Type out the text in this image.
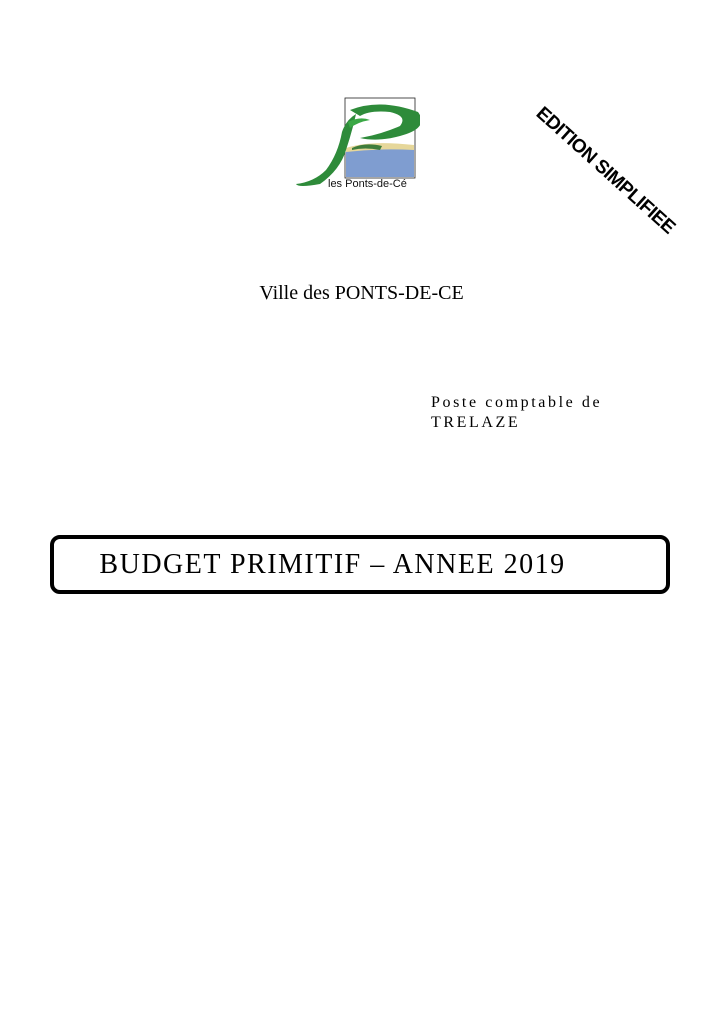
les Ponts-de-Cé	EDITION SIMPLIFIEE
Ville des PONTS-DE-CE
Poste comptable de
TRELAZE
BUDGET PRIMITIF – ANNEE 2019
